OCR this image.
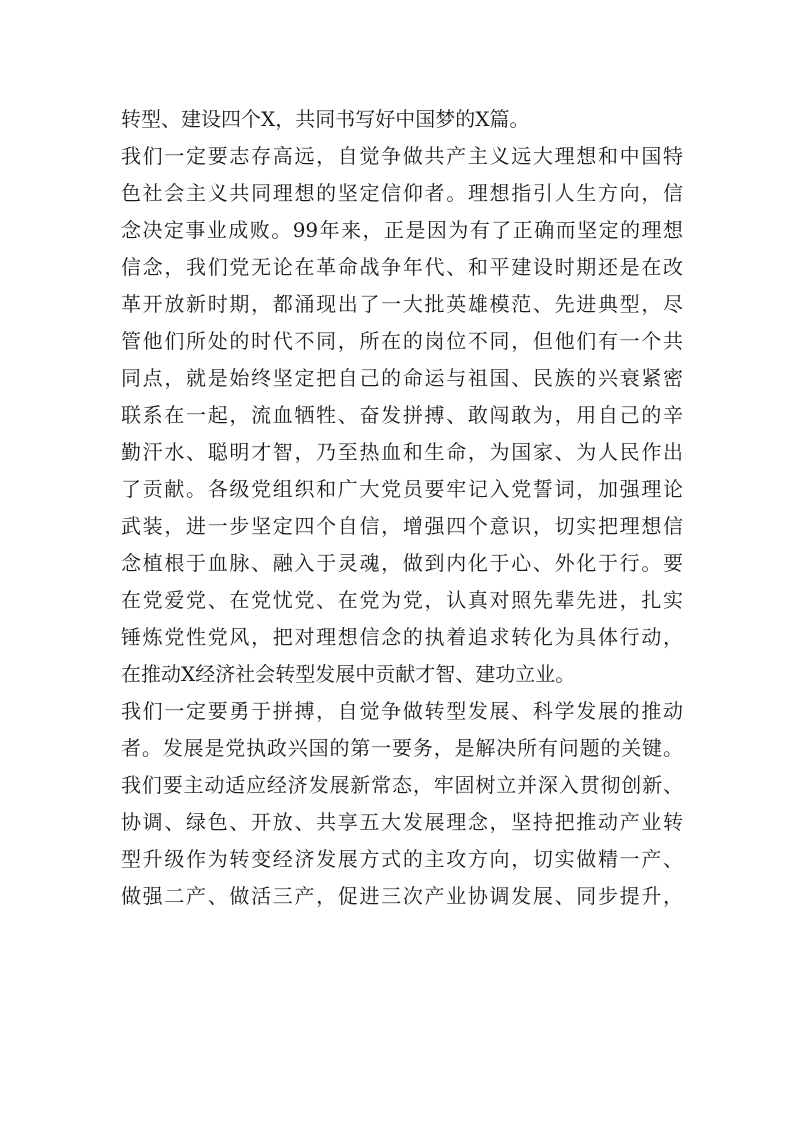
转型、建设四个X，共同书写好中国梦的X篇。
我们一定要志存高远，自觉争做共产主义远大理想和中国特
色社会主义共同理想的坚定信仰者。理想指引人生方向，信
念决定事业成败。99年来，正是因为有了正确而坚定的理想
信念，我们党无论在革命战争年代、和平建设时期还是在改
革开放新时期，都涌现出了一大批英雄模范、先进典型，尽
管他们所处的时代不同，所在的岗位不同，但他们有一个共
同点，就是始终坚定把自己的命运与祖国、民族的兴衰紧密
联系在一起，流血牺牲、奋发拼搏、敢闯敢为，用自己的辛
勤汗水、聪明才智，乃至热血和生命，为国家、为人民作出
了贡献。各级党组织和广大党员要牢记入党誓词，加强理论
武装，进一步坚定四个自信，增强四个意识，切实把理想信
念植根于血脉、融入于灵魂，做到内化于心、外化于行。要
在党爱党、在党忧党、在党为党，认真对照先辈先进，扎实
锤炼党性党风，把对理想信念的执着追求转化为具体行动，
在推动X经济社会转型发展中贡献才智、建功立业。
我们一定要勇于拼搏，自觉争做转型发展、科学发展的推动
者。发展是党执政兴国的第一要务，是解决所有问题的关键。
我们要主动适应经济发展新常态，牢固树立并深入贯彻创新、
协调、绿色、开放、共享五大发展理念，坚持把推动产业转
型升级作为转变经济发展方式的主攻方向，切实做精一产、
做强二产、做活三产，促进三次产业协调发展、同步提升，
